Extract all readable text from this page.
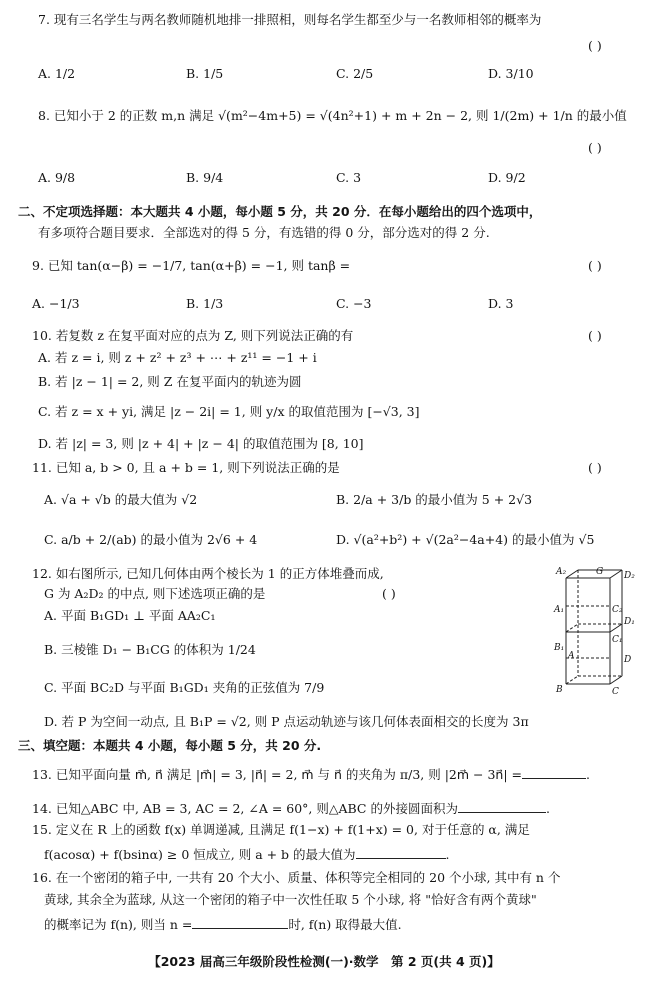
7. 现有三名学生与两名教师随机地排一排照相，则每名学生都至少与一名教师相邻的概率为
( )
A. 1/2	B. 1/5	C. 2/5	D. 3/10
8. 已知小于 2 的正数 m,n 满足 √(m²−4m+5) = √(4n²+1) + m + 2n − 2, 则 1/(2m) + 1/n 的最小值
( )
A. 9/8	B. 9/4	C. 3	D. 9/2
二、不定项选择题：本大题共 4 小题，每小题 5 分，共 20 分．在每小题给出的四个选项中，
有多项符合题目要求．全部选对的得 5 分，有选错的得 0 分，部分选对的得 2 分.
9. 已知 tan(α−β) = −1/7, tan(α+β) = −1, 则 tanβ =	( )
A. −1/3	B. 1/3	C. −3	D. 3
10. 若复数 z 在复平面对应的点为 Z, 则下列说法正确的有	( )
A. 若 z = i, 则 z + z² + z³ + ⋯ + z¹¹ = −1 + i
B. 若 |z − 1| = 2, 则 Z 在复平面内的轨迹为圆
C. 若 z = x + yi, 满足 |z − 2i| = 1, 则 y/x 的取值范围为 [−√3, 3]
D. 若 |z| = 3, 则 |z + 4| + |z − 4| 的取值范围为 [8, 10]
11. 已知 a, b > 0, 且 a + b = 1, 则下列说法正确的是	( )
A. √a + √b 的最大值为 √2	B. 2/a + 3/b 的最小值为 5 + 2√3
C. a/b + 2/(ab) 的最小值为 2√6 + 4	D. √(a²+b²) + √(2a²−4a+4) 的最小值为 √5
12. 如右图所示, 已知几何体由两个棱长为 1 的正方体堆叠而成,
G 为 A₂D₂ 的中点, 则下述选项正确的是	( )
A. 平面 B₁GD₁ ⊥ 平面 AA₂C₁
B. 三棱锥 D₁ − B₁CG 的体积为 1/24
C. 平面 BC₂D 与平面 B₁GD₁ 夹角的正弦值为 7/9
D. 若 P 为空间一动点, 且 B₁P = √2, 则 P 点运动轨迹与该几何体表面相交的长度为 3π
A₂	G D₂
C₂
A₁
D₁
C₁
B₁
A	D
B	C
三、填空题：本题共 4 小题，每小题 5 分，共 20 分.
13. 已知平面向量 m⃗, n⃗ 满足 |m⃗| = 3, |n⃗| = 2, m⃗ 与 n⃗ 的夹角为 π/3, 则 |2m⃗ − 3n⃗| =	.
14. 已知△ABC 中, AB = 3, AC = 2, ∠A = 60°, 则△ABC 的外接圆面积为	.
15. 定义在 R 上的函数 f(x) 单调递减, 且满足 f(1−x) + f(1+x) = 0, 对于任意的 α, 满足
f(acosα) + f(bsinα) ≥ 0 恒成立, 则 a + b 的最大值为	.
16. 在一个密闭的箱子中, 一共有 20 个大小、质量、体积等完全相同的 20 个小球, 其中有 n 个
黄球, 其余全为蓝球, 从这一个密闭的箱子中一次性任取 5 个小球, 将 "恰好含有两个黄球"
的概率记为 f(n), 则当 n =	时, f(n) 取得最大值.
【2023 届高三年级阶段性检测(一)·数学　第 2 页(共 4 页)】
